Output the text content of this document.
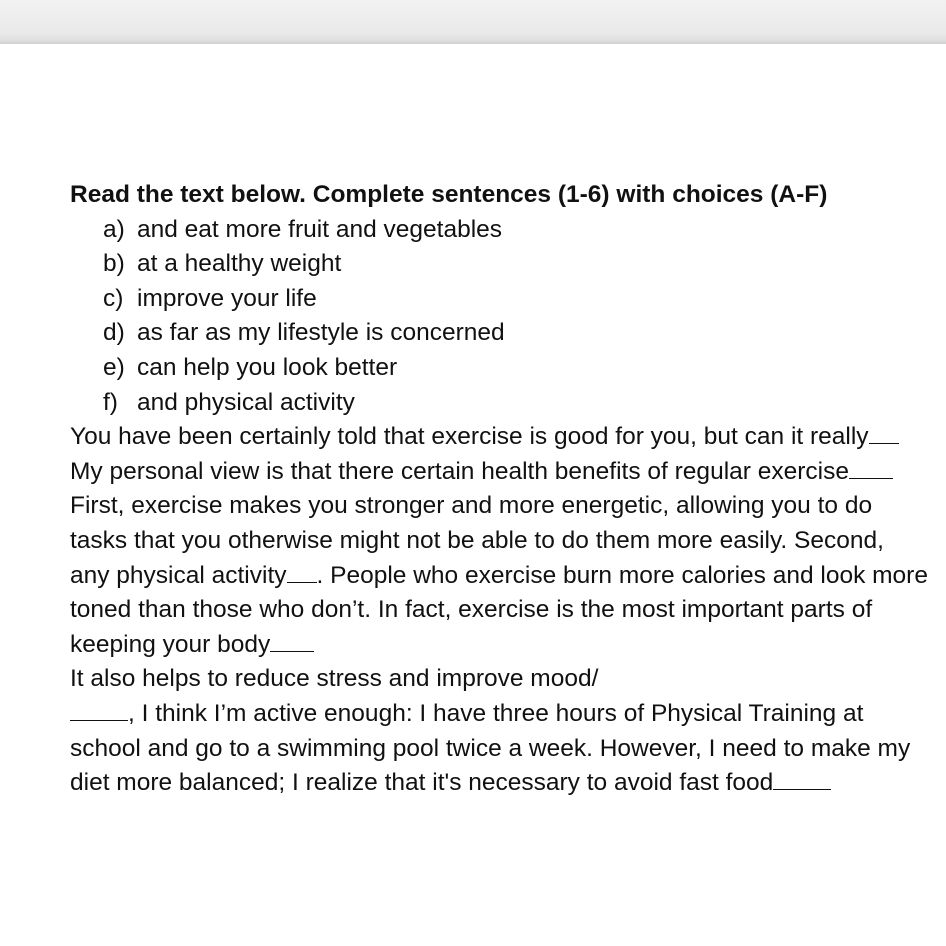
Read the text below. Complete sentences (1-6) with choices (A-F)

a) and eat more fruit and vegetables
b) at a healthy weight
c) improve your life
d) as far as my lifestyle is concerned
e) can help you look better
f) and physical activity

You have been certainly told that exercise is good for you, but can it really

My personal view is that there certain health benefits of regular exercise

First, exercise makes you stronger and more energetic, allowing you to do tasks that you otherwise might not be able to do them more easily. Second, any physical activity . People who exercise burn more calories and look more toned than those who don’t. In fact, exercise is the most important parts of keeping your body

It also helps to reduce stress and improve mood/

, I think I’m active enough: I have three hours of Physical Training at school and go to a swimming pool twice a week. However, I need to make my diet more balanced; I realize that it's necessary to avoid fast food
